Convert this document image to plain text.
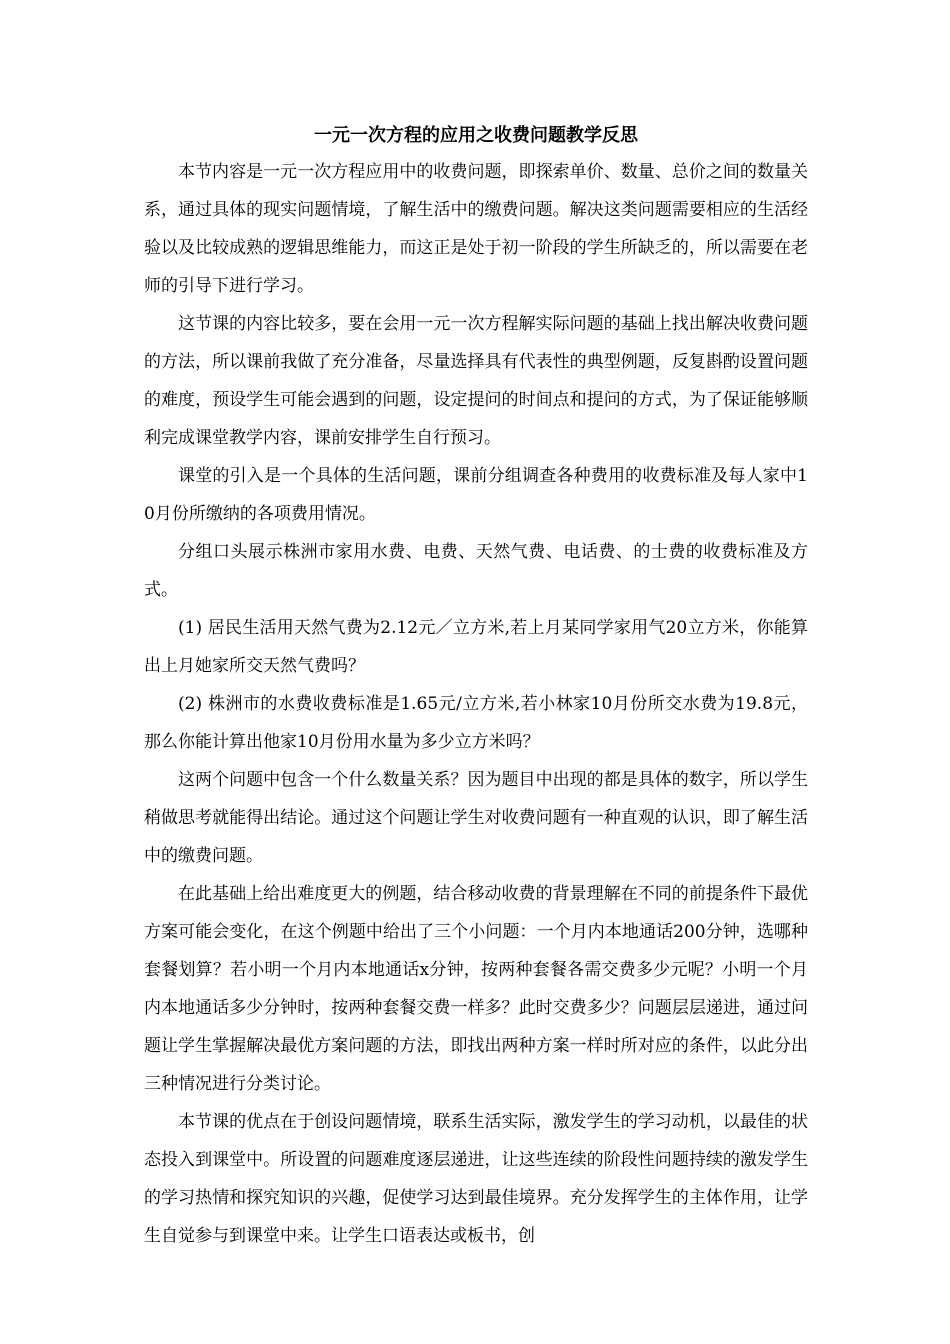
一元一次方程的应用之收费问题教学反思

本节内容是一元一次方程应用中的收费问题，即探索单价、数量、总价之间的数量关系，通过具体的现实问题情境，了解生活中的缴费问题。解决这类问题需要相应的生活经验以及比较成熟的逻辑思维能力，而这正是处于初一阶段的学生所缺乏的，所以需要在老师的引导下进行学习。

这节课的内容比较多，要在会用一元一次方程解实际问题的基础上找出解决收费问题的方法，所以课前我做了充分准备，尽量选择具有代表性的典型例题，反复斟酌设置问题的难度，预设学生可能会遇到的问题，设定提问的时间点和提问的方式，为了保证能够顺利完成课堂教学内容，课前安排学生自行预习。

课堂的引入是一个具体的生活问题，课前分组调查各种费用的收费标准及每人家中10月份所缴纳的各项费用情况。

分组口头展示株洲市家用水费、电费、天然气费、电话费、的士费的收费标准及方式。

(1) 居民生活用天然气费为2.12元／立方米,若上月某同学家用气20立方米，你能算出上月她家所交天然气费吗？

(2) 株洲市的水费收费标准是1.65元/立方米,若小林家10月份所交水费为19.8元，那么你能计算出他家10月份用水量为多少立方米吗？

这两个问题中包含一个什么数量关系？因为题目中出现的都是具体的数字，所以学生稍做思考就能得出结论。通过这个问题让学生对收费问题有一种直观的认识，即了解生活中的缴费问题。

在此基础上给出难度更大的例题，结合移动收费的背景理解在不同的前提条件下最优方案可能会变化，在这个例题中给出了三个小问题：一个月内本地通话200分钟，选哪种套餐划算？若小明一个月内本地通话x分钟，按两种套餐各需交费多少元呢？小明一个月内本地通话多少分钟时，按两种套餐交费一样多？此时交费多少？问题层层递进，通过问题让学生掌握解决最优方案问题的方法，即找出两种方案一样时所对应的条件，以此分出三种情况进行分类讨论。

本节课的优点在于创设问题情境，联系生活实际，激发学生的学习动机，以最佳的状态投入到课堂中。所设置的问题难度逐层递进，让这些连续的阶段性问题持续的激发学生的学习热情和探究知识的兴趣，促使学习达到最佳境界。充分发挥学生的主体作用，让学生自觉参与到课堂中来。让学生口语表达或板书，创
